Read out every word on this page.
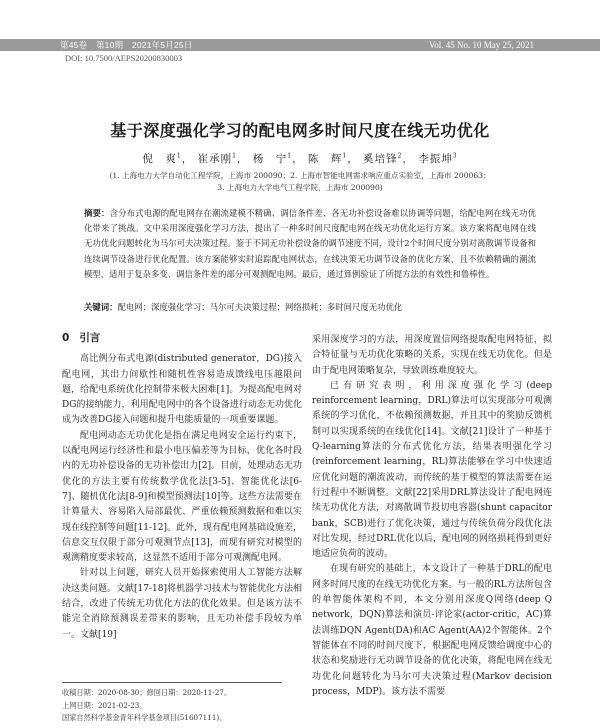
第45卷　第10期　2021年5月25日	Vol. 45 No. 10 May 25, 2021
DOI: 10.7500/AEPS20200830003
基于深度强化学习的配电网多时间尺度在线无功优化
倪　爽$^1$， 崔承刚$^1$， 杨　宁$^1$， 陈　辉$^1$， 奚培锋$^2$， 李振坤$^3$
(1. 上海电力大学自动化工程学院，上海市 200090；2. 上海市智能电网需求响应重点实验室，上海市 200063；
3. 上海电力大学电气工程学院，上海市 200090)
摘要：含分布式电源的配电网存在潮流建模不精确、调信条件差、各无功补偿设备难以协调等问题，给配电网在线无功优化带来了挑战。文中采用深度强化学习方法，提出了一种多时间尺度配电网在线无功优化运行方案。该方案将配电网在线无功优化问题转化为马尔可夫决策过程。鉴于不同无功补偿设备的调节速度不同，设计2个时间尺度分别对离散调节设备和连续调节设备进行优化配置。该方案能够实时追踪配电网状态，在线决策无功调节设备的优化方案，且不依赖精确的潮流模型，适用于复杂多变、调信条件差的部分可观测配电网。最后，通过算例验证了所提方法的有效性和鲁棒性。
关键词：配电网；深度强化学习；马尔可夫决策过程；网络损耗；多时间尺度无功优化
0 引言

高比例分布式电源(distributed generator，DG)接入配电网，其出力间歇性和随机性容易造成馈线电压越限问题，给配电系统优化控制带来极大困难[1]。为提高配电网对DG的接纳能力，利用配电网中的各个设备进行动态无功优化成为改善DG接入问题和提升电能质量的一项重要课题。

配电网动态无功优化是指在满足电网安全运行约束下，以配电网运行经济性和最小电压偏差等为目标，优化各时段内的无功补偿设备的无功补偿出力[2]。目前，处理动态无功优化的方法主要有传统数学优化法[3-5]、智能优化法[6-7]、随机优化法[8-9]和模型预测法[10]等。这些方法需要在计算量大、容易陷入局部最优、严重依赖预测数据和难以实现在线控制等问题[11-12]。此外，现有配电网基础设施差，信息交互仅限于部分可观测节点[13]，而现有研究对模型的观测精度要求较高，这显然不适用于部分可观测配电网。

针对以上问题，研究人员开始探索使用人工智能方法解决这类问题。文献[17-18]将机器学习技术与智能优化方法相结合，改进了传统无功优化方法的优化效果。但是该方法不能完全消除预测误差带来的影响，且无功补偿手段较为单一。文献[19]

采用深度学习的方法，用深度置信网络提取配电网特征，拟合特征量与无功优化策略的关系，实现在线无功优化。但是由于配电网策略复杂，导致训练难度较大。

已有研究表明，利用深度强化学习(deep reinforcement learning，DRL)算法可以实现部分可观测系统的学习优化，不依赖预测数据，并且其中的奖励反馈机制可以实现系统的在线优化[14]。文献[21]设计了一种基于Q-learning算法的分布式优化方法，结果表明强化学习(reinforcement learning，RL)算法能够在学习中快速适应优化问题的潮流波动，而传统的基于模型的算法需要在运行过程中不断调整。文献[22]采用DRL算法设计了配电网连续无功优化方法，对离散调节投切电容器(shunt capacitor bank，SCB)进行了优化决策，通过与传统负荷分段优化法对比发现，经过DRL优化以后，配电网的网络损耗得到更好地适应负荷的波动。

在现有研究的基础上，本文设计了一种基于DRL的配电网多时间尺度的在线无功优化方案。与一般的RL方法所包含的单智能体架构不同，本文分别用深度Q网络(deep Q network，DQN)算法和演员-评论家(actor-critic，AC)算法训练DQN Agent(DA)和AC Agent(AA)2个智能体。2个智能体在不同的时间尺度下，根据配电网反馈给调度中心的状态和奖励进行无功调节设备的优化决策，将配电网在线无功优化问题转化为马尔可夫决策过程(Markov decision process，MDP)。该方法不需要

收稿日期：2020-08-30；修回日期：2020-11-27。
上网日期：2021-02-23。
国家自然科学基金青年科学基金项目(51607111)。
